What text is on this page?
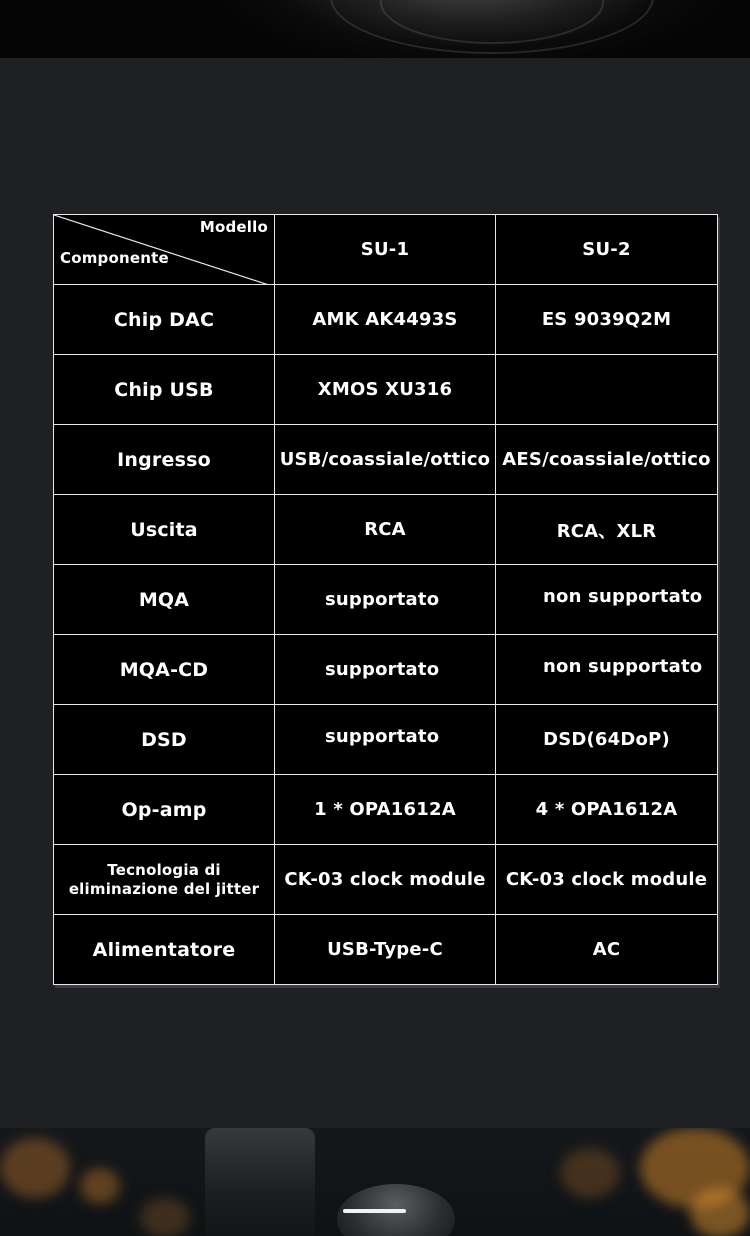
Modello
Componente	SU-1	SU-2
Chip DAC	AMK AK4493S	ES 9039Q2M
Chip USB	XMOS XU316	
Ingresso	USB/coassiale/ottico	AES/coassiale/ottico
Uscita	RCA	RCA、XLR
MQA	supportato	non supportato
MQA-CD	supportato	non supportato
DSD	supportato	DSD(64DoP)
Op-amp	1 * OPA1612A	4 * OPA1612A

Tecnologia di
eliminazione del jitter	CK-03 clock module	CK-03 clock module
Alimentatore	USB-Type-C	AC
